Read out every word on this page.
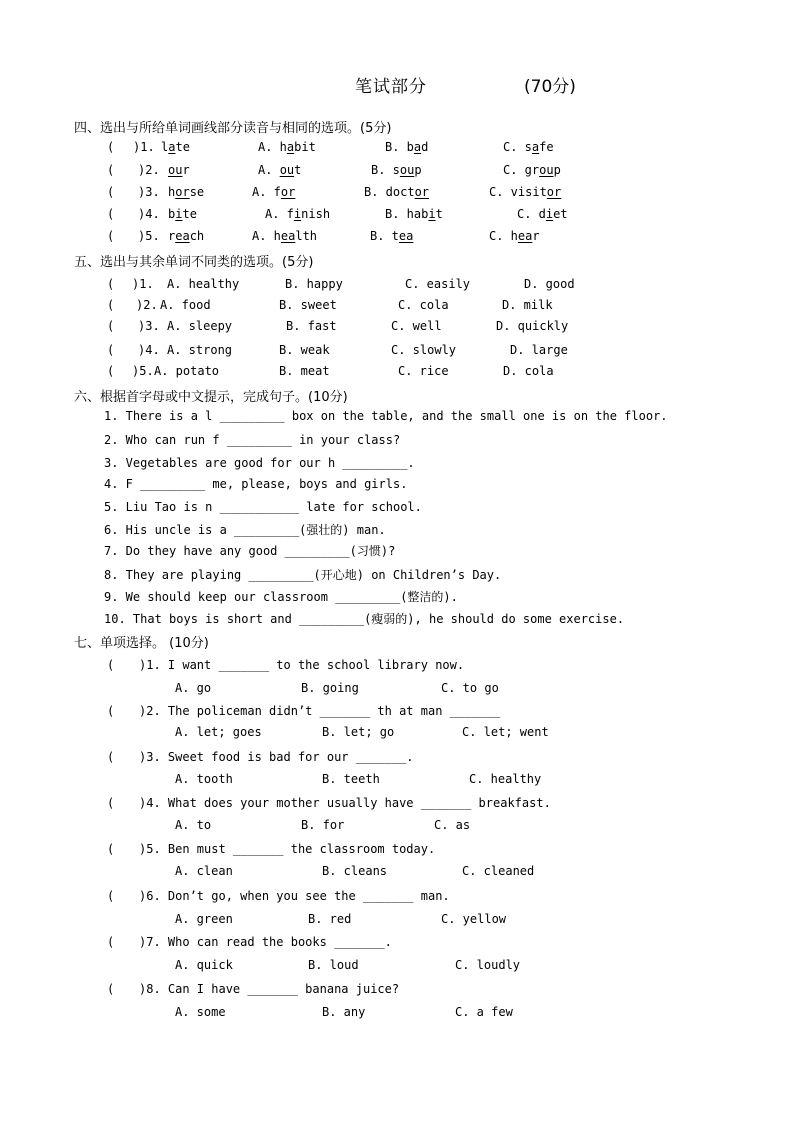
笔试部分	(70分)
四、选出与所给单词画线部分读音与相同的选项。(5分)
( )1. late	A. habit	B. bad	C. safe
( )2. our	A. out	B. soup	C. group
( )3. horse	A. for	B. doctor	C. visitor
( )4. bite	A. finish	B. habit	C. diet
( )5. reach	A. health	B. tea	C. hear
五、选出与其余单词不同类的选项。(5分)
( )1. A. healthy	B. happy	C. easily	D. good
( )2. A. food	B. sweet	C. cola	D. milk
( )3. A. sleepy	B. fast	C. well	D. quickly
( )4. A. strong	B. weak	C. slowly	D. large
( )5. A. potato	B. meat	C. rice	D. cola
六、根据首字母或中文提示，完成句子。(10分)
1. There is a l _________ box on the table, and the small one is on the floor.
2. Who can run f _________ in your class?
3. Vegetables are good for our h _________.
4. F _________ me, please, boys and girls.
5. Liu Tao is n ___________ late for school.
6. His uncle is a _________(强壮的) man.
7. Do they have any good _________(习惯)?
8. They are playing _________(开心地) on Children’s Day.
9. We should keep our classroom _________(整洁的).
10. That boys is short and _________(瘦弱的), he should do some exercise.
七、单项选择。 (10分)
( )1. I want _______ to the school library now.
A. go	B. going	C. to go
( )2. The policeman didn’t _______ th at man _______
A. let; goes	B. let; go	C. let; went
( )3. Sweet food is bad for our _______.
A. tooth	B. teeth	C. healthy
( )4. What does your mother usually have _______ breakfast.
A. to	B. for	C. as
( )5. Ben must _______ the classroom today.
A. clean	B. cleans	C. cleaned
( )6. Don’t go, when you see the _______ man.
A. green	B. red	C. yellow
( )7. Who can read the books _______.
A. quick	B. loud	C. loudly
( )8. Can I have _______ banana juice?
A. some	B. any	C. a few
